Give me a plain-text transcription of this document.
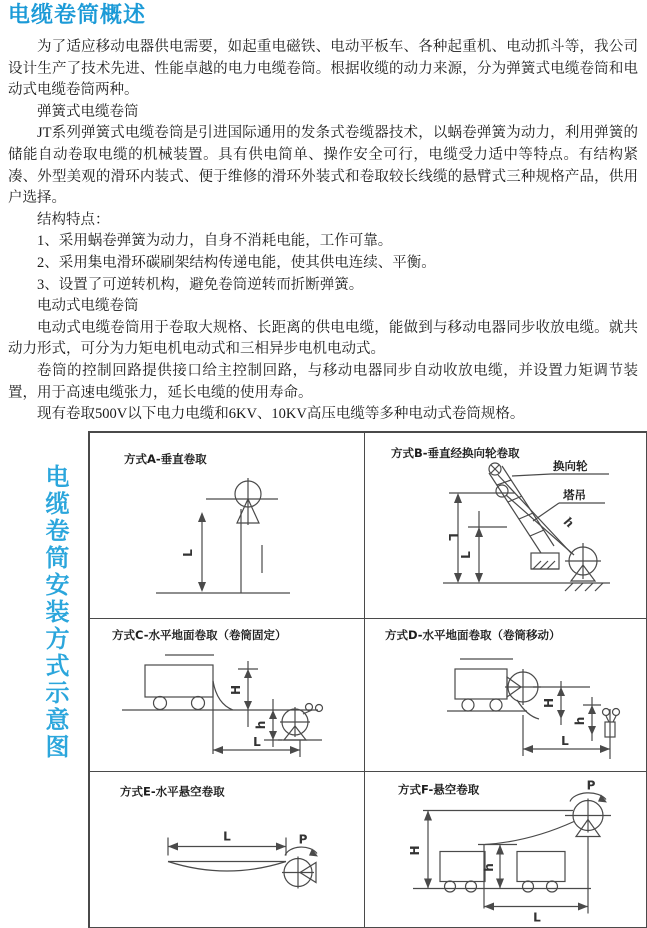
电缆卷筒概述

为了适应移动电器供电需要，如起重电磁铁、电动平板车、各种起重机、电动抓斗等，我公司设计生产了技术先进、性能卓越的电力电缆卷筒。根据收缆的动力来源，分为弹簧式电缆卷筒和电动式电缆卷筒两种。

弹簧式电缆卷筒

JT系列弹簧式电缆卷筒是引进国际通用的发条式卷缆器技术，以蜗卷弹簧为动力，利用弹簧的储能自动卷取电缆的机械装置。具有供电简单、操作安全可行，电缆受力适中等特点。有结构紧凑、外型美观的滑环内装式、便于维修的滑环外装式和卷取较长线缆的悬臂式三种规格产品，供用户选择。

结构特点：

1、采用蜗卷弹簧为动力，自身不消耗电能，工作可靠。

2、采用集电滑环碳刷架结构传递电能，使其供电连续、平衡。

3、设置了可逆转机构，避免卷筒逆转而折断弹簧。

电动式电缆卷筒

电动式电缆卷筒用于卷取大规格、长距离的供电电缆，能做到与移动电器同步收放电缆。就共动力形式，可分为力矩电机电动式和三相异步电机电动式。

卷筒的控制回路提供接口给主控制回路，与移动电器同步自动收放电缆，并设置力矩调节装置，用于高速电缆张力，延长电缆的使用寿命。

现有卷取500V以下电力电缆和6KV、10KV高压电缆等多种电动式卷筒规格。

电缆卷筒安装方式示意图
方式A-垂直卷取
L
方式B-垂直经换向轮卷取
h
换向轮
塔吊
L
L
方式C-水平地面卷取（卷筒固定）
H
h
L
方式D-水平地面卷取（卷筒移动）
H
h
L
方式E-水平悬空卷取
L	P
方式F-悬空卷取	P
H
h
L
